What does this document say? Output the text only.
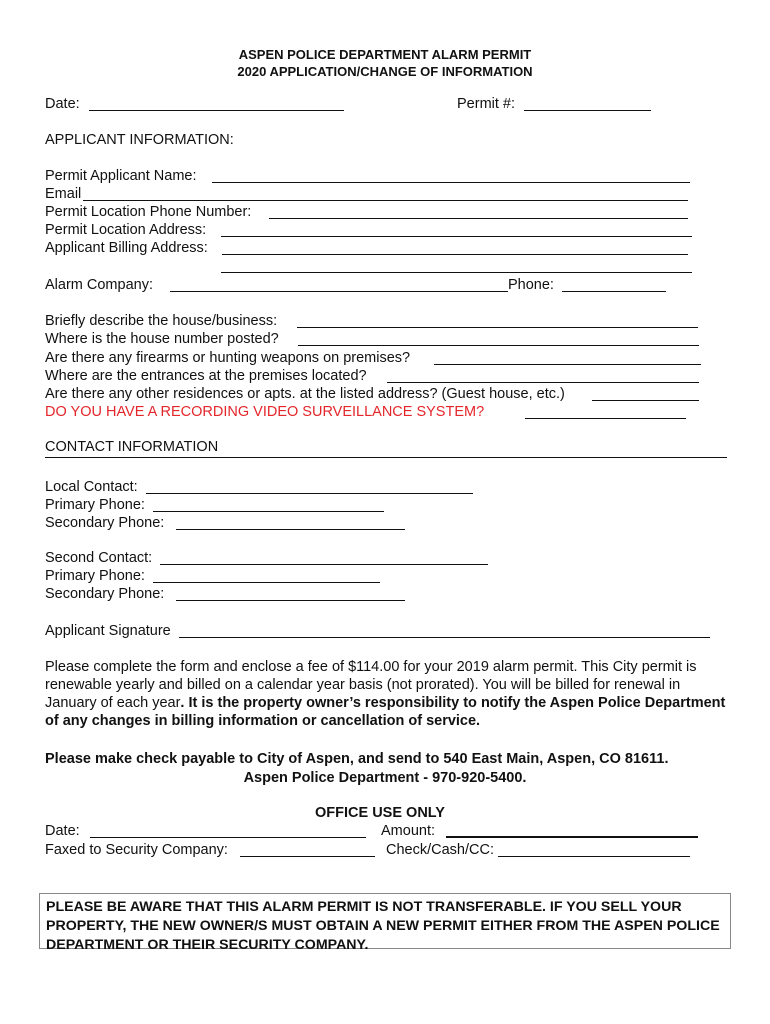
ASPEN POLICE DEPARTMENT ALARM PERMIT
2020 APPLICATION/CHANGE OF INFORMATION
Date:	Permit #:
APPLICANT INFORMATION:
Permit Applicant Name:
Email
Permit Location Phone Number:
Permit Location Address:
Applicant Billing Address:
Alarm Company:	Phone:
Briefly describe the house/business:
Where is the house number posted?
Are there any firearms or hunting weapons on premises?
Where are the entrances at the premises located?
Are there any other residences or apts. at the listed address? (Guest house, etc.)
DO YOU HAVE A RECORDING VIDEO SURVEILLANCE SYSTEM?
CONTACT INFORMATION
Local Contact:
Primary Phone:
Secondary Phone:
Second Contact:
Primary Phone:
Secondary Phone:
Applicant Signature
Please complete the form and enclose a fee of $114.00 for your 2019 alarm permit. This City permit is renewable yearly and billed on a calendar year basis (not prorated). You will be billed for renewal in January of each year. It is the property owner’s responsibility to notify the Aspen Police Department of any changes in billing information or cancellation of service.
Please make check payable to City of Aspen, and send to 540 East Main, Aspen, CO 81611.
Aspen Police Department - 970-920-5400.
OFFICE USE ONLY
Date:	Amount:
Faxed to Security Company:	Check/Cash/CC:
PLEASE BE AWARE THAT THIS ALARM PERMIT IS NOT TRANSFERABLE. IF YOU SELL YOUR PROPERTY, THE NEW OWNER/S MUST OBTAIN A NEW PERMIT EITHER FROM THE ASPEN POLICE DEPARTMENT OR THEIR SECURITY COMPANY.
